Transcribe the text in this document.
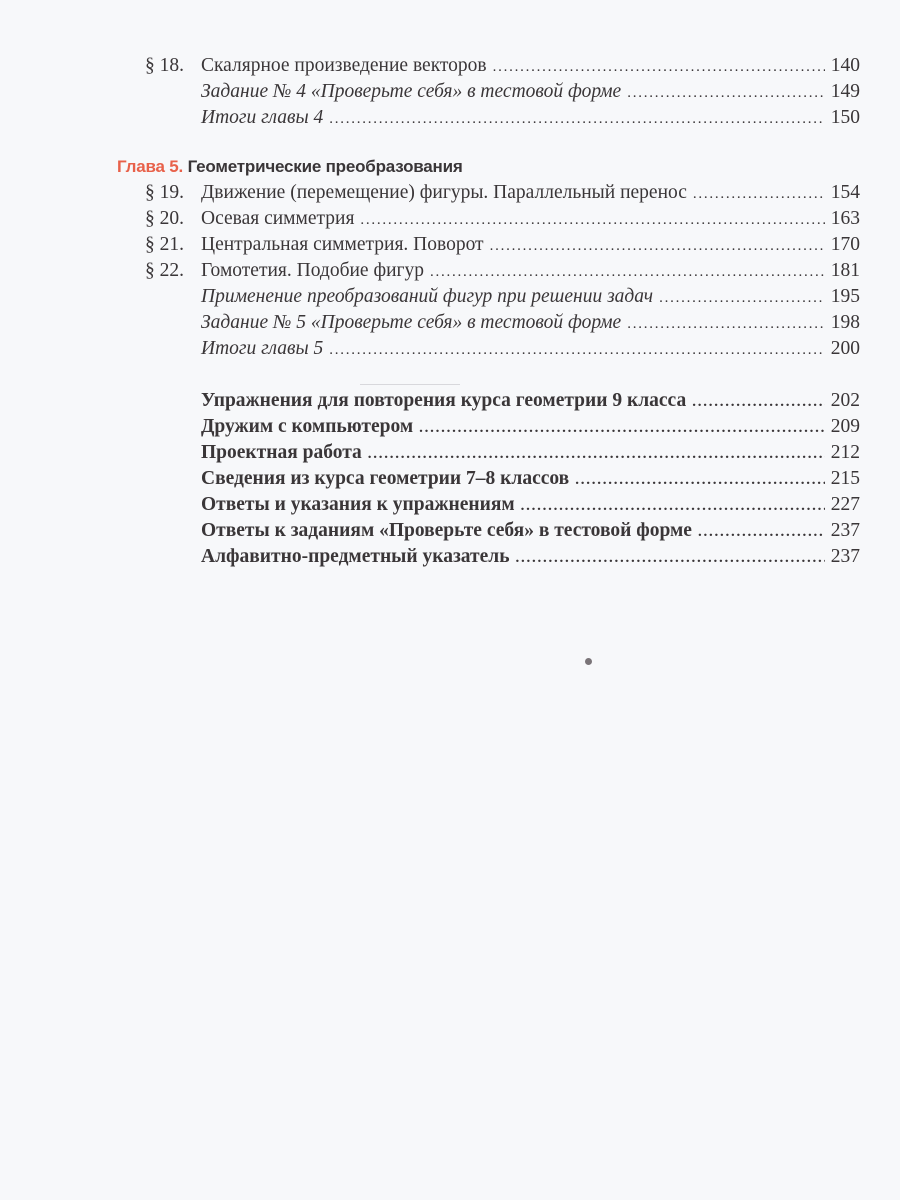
§ 18. Скалярное произведение векторов . . .	140
Задание № 4 «Проверьте себя» в тестовой форме . . .	149
Итоги главы 4 . . .	150
Глава 5. Геометрические преобразования
§ 19. Движение (перемещение) фигуры. Параллельный перенос . . .	154
§ 20. Осевая симметрия . . .	163
§ 21. Центральная симметрия. Поворот . . .	170
§ 22. Гомотетия. Подобие фигур . . .	181
Применение преобразований фигур при решении задач . . .	195
Задание № 5 «Проверьте себя» в тестовой форме . . .	198
Итоги главы 5 . . .	200
Упражнения для повторения курса геометрии 9 класса . . .	202
Дружим с компьютером . . .	209
Проектная работа . . .	212
Сведения из курса геометрии 7–8 классов . . .	215
Ответы и указания к упражнениям . . .	227
Ответы к заданиям «Проверьте себя» в тестовой форме . . .	237
Алфавитно-предметный указатель . . .	237
